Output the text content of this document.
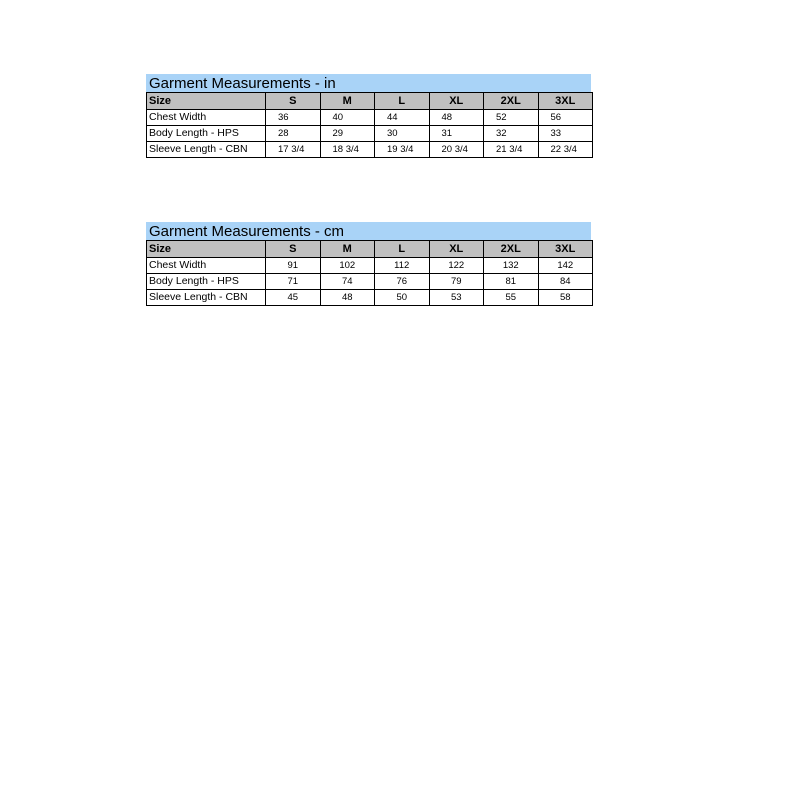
Garment Measurements - in
Size	S	M	L	XL	2XL	3XL
Chest Width	36	40	44	48	52	56
Body Length - HPS	28	29	30	31	32	33
Sleeve Length - CBN	17 3/4	18 3/4	19 3/4	20 3/4	21 3/4	22 3/4
Garment Measurements - cm
Size	S	M	L	XL	2XL	3XL
Chest Width	91	102	112	122	132	142
Body Length - HPS	71	74	76	79	81	84
Sleeve Length - CBN	45	48	50	53	55	58
